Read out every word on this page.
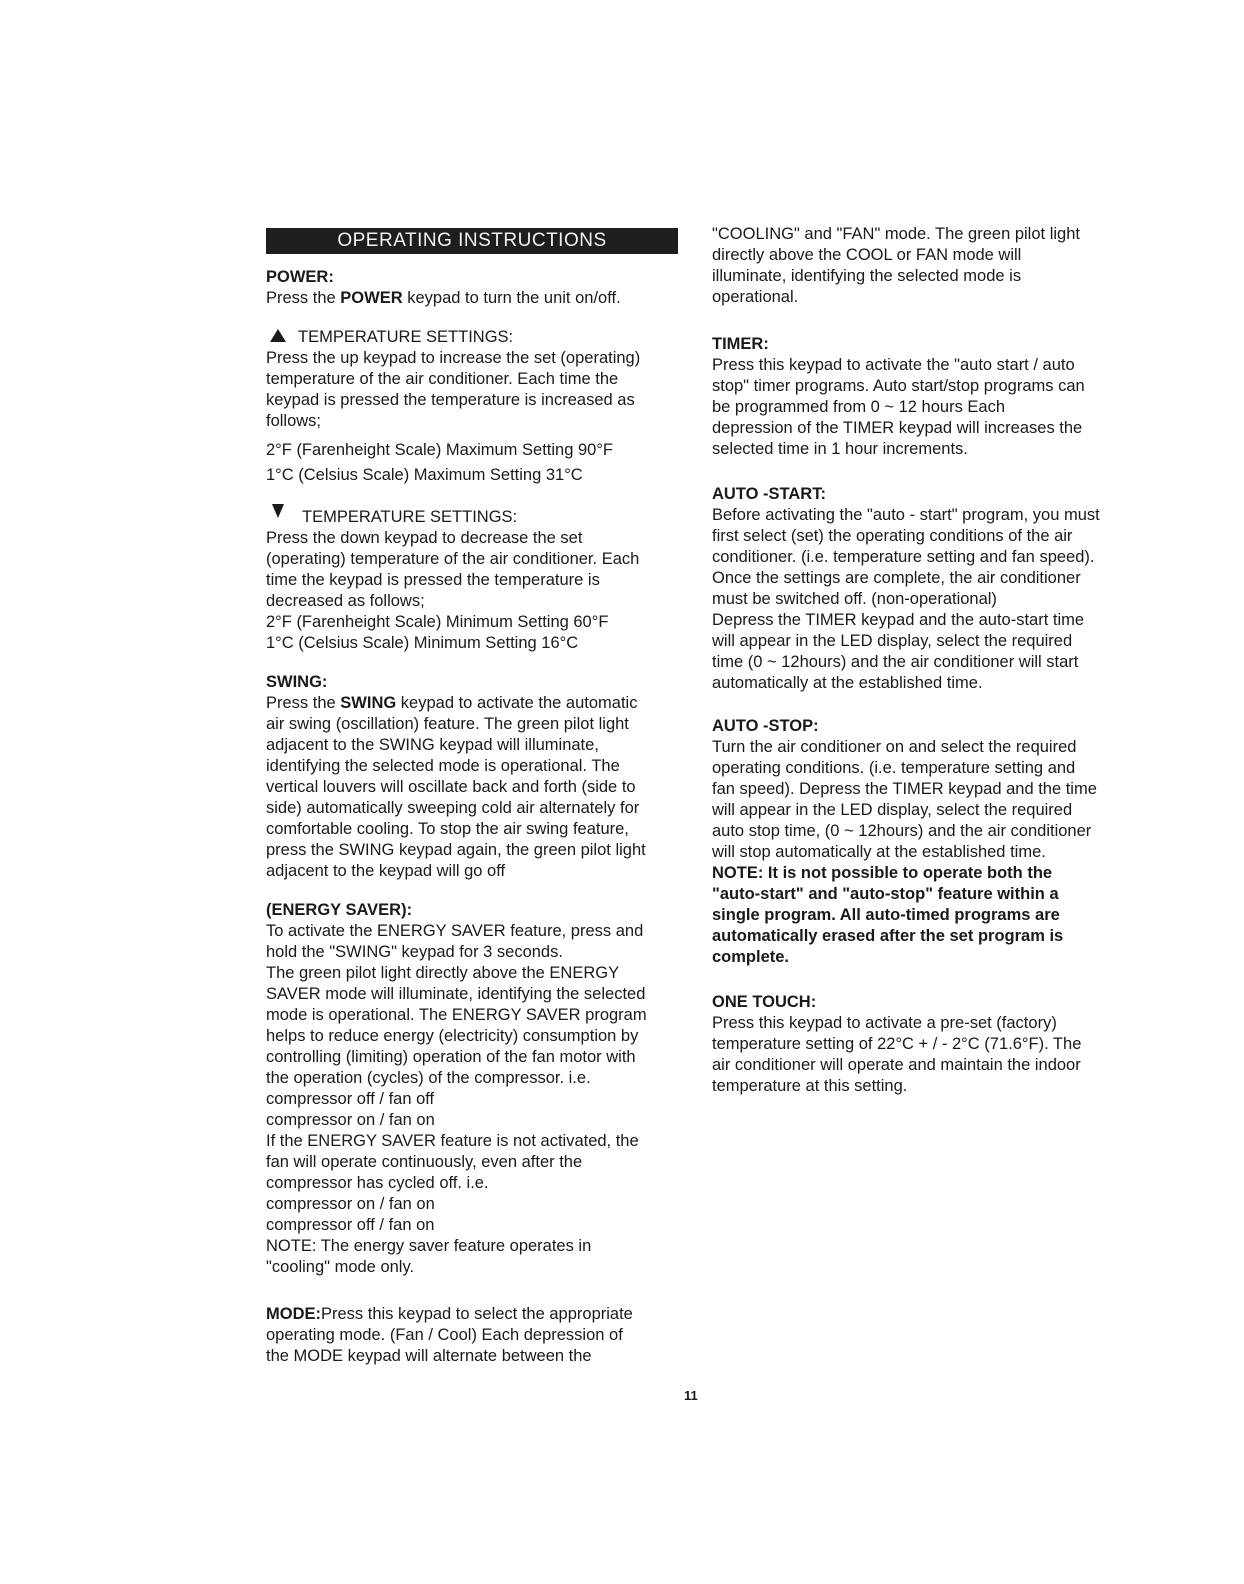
OPERATING INSTRUCTIONS

POWER:

Press the POWER keypad to turn the unit on/off.

TEMPERATURE SETTINGS:

Press the up keypad to increase the set (operating)

temperature of the air conditioner. Each time the

keypad is pressed the temperature is increased as

follows;

2°F (Farenheight Scale) Maximum Setting 90°F

1°C (Celsius Scale) Maximum Setting 31°C

TEMPERATURE SETTINGS:

Press the down keypad to decrease the set

(operating) temperature of the air conditioner. Each

time the keypad is pressed the temperature is

decreased as follows;

2°F (Farenheight Scale) Minimum Setting 60°F

1°C (Celsius Scale) Minimum Setting 16°C

SWING:

Press the SWING keypad to activate the automatic

air swing (oscillation) feature. The green pilot light

adjacent to the SWING keypad will illuminate,

identifying the selected mode is operational. The

vertical louvers will oscillate back and forth (side to

side) automatically sweeping cold air alternately for

comfortable cooling. To stop the air swing feature,

press the SWING keypad again, the green pilot light

adjacent to the keypad will go off

(ENERGY SAVER):

To activate the ENERGY SAVER feature, press and

hold the "SWING" keypad for 3 seconds.

The green pilot light directly above the ENERGY

SAVER mode will illuminate, identifying the selected

mode is operational. The ENERGY SAVER program

helps to reduce energy (electricity) consumption by

controlling (limiting) operation of the fan motor with

the operation (cycles) of the compressor. i.e.

compressor off / fan off

compressor on / fan on

If the ENERGY SAVER feature is not activated, the

fan will operate continuously, even after the

compressor has cycled off. i.e.

compressor on / fan on

compressor off / fan on

NOTE: The energy saver feature operates in

"cooling" mode only.

MODE:Press this keypad to select the appropriate

operating mode. (Fan / Cool) Each depression of

the MODE keypad will alternate between the

"COOLING" and "FAN" mode. The green pilot light

directly above the COOL or FAN mode will

illuminate, identifying the selected mode is

operational.

TIMER:

Press this keypad to activate the "auto start / auto

stop" timer programs. Auto start/stop programs can

be programmed from 0 ~ 12 hours Each

depression of the TIMER keypad will increases the

selected time in 1 hour increments.

AUTO -START:

Before activating the "auto - start" program, you must

first select (set) the operating conditions of the air

conditioner. (i.e. temperature setting and fan speed).

Once the settings are complete, the air conditioner

must be switched off. (non-operational)

Depress the TIMER keypad and the auto-start time

will appear in the LED display, select the required

time (0 ~ 12hours) and the air conditioner will start

automatically at the established time.

AUTO -STOP:

Turn the air conditioner on and select the required

operating conditions. (i.e. temperature setting and

fan speed). Depress the TIMER keypad and the time

will appear in the LED display, select the required

auto stop time, (0 ~ 12hours) and the air conditioner

will stop automatically at the established time.

NOTE: It is not possible to operate both the

"auto-start" and "auto-stop" feature within a

single program. All auto-timed programs are

automatically erased after the set program is

complete.

ONE TOUCH:

Press this keypad to activate a pre-set (factory)

temperature setting of 22°C + / - 2°C (71.6°F). The

air conditioner will operate and maintain the indoor

temperature at this setting.

11
